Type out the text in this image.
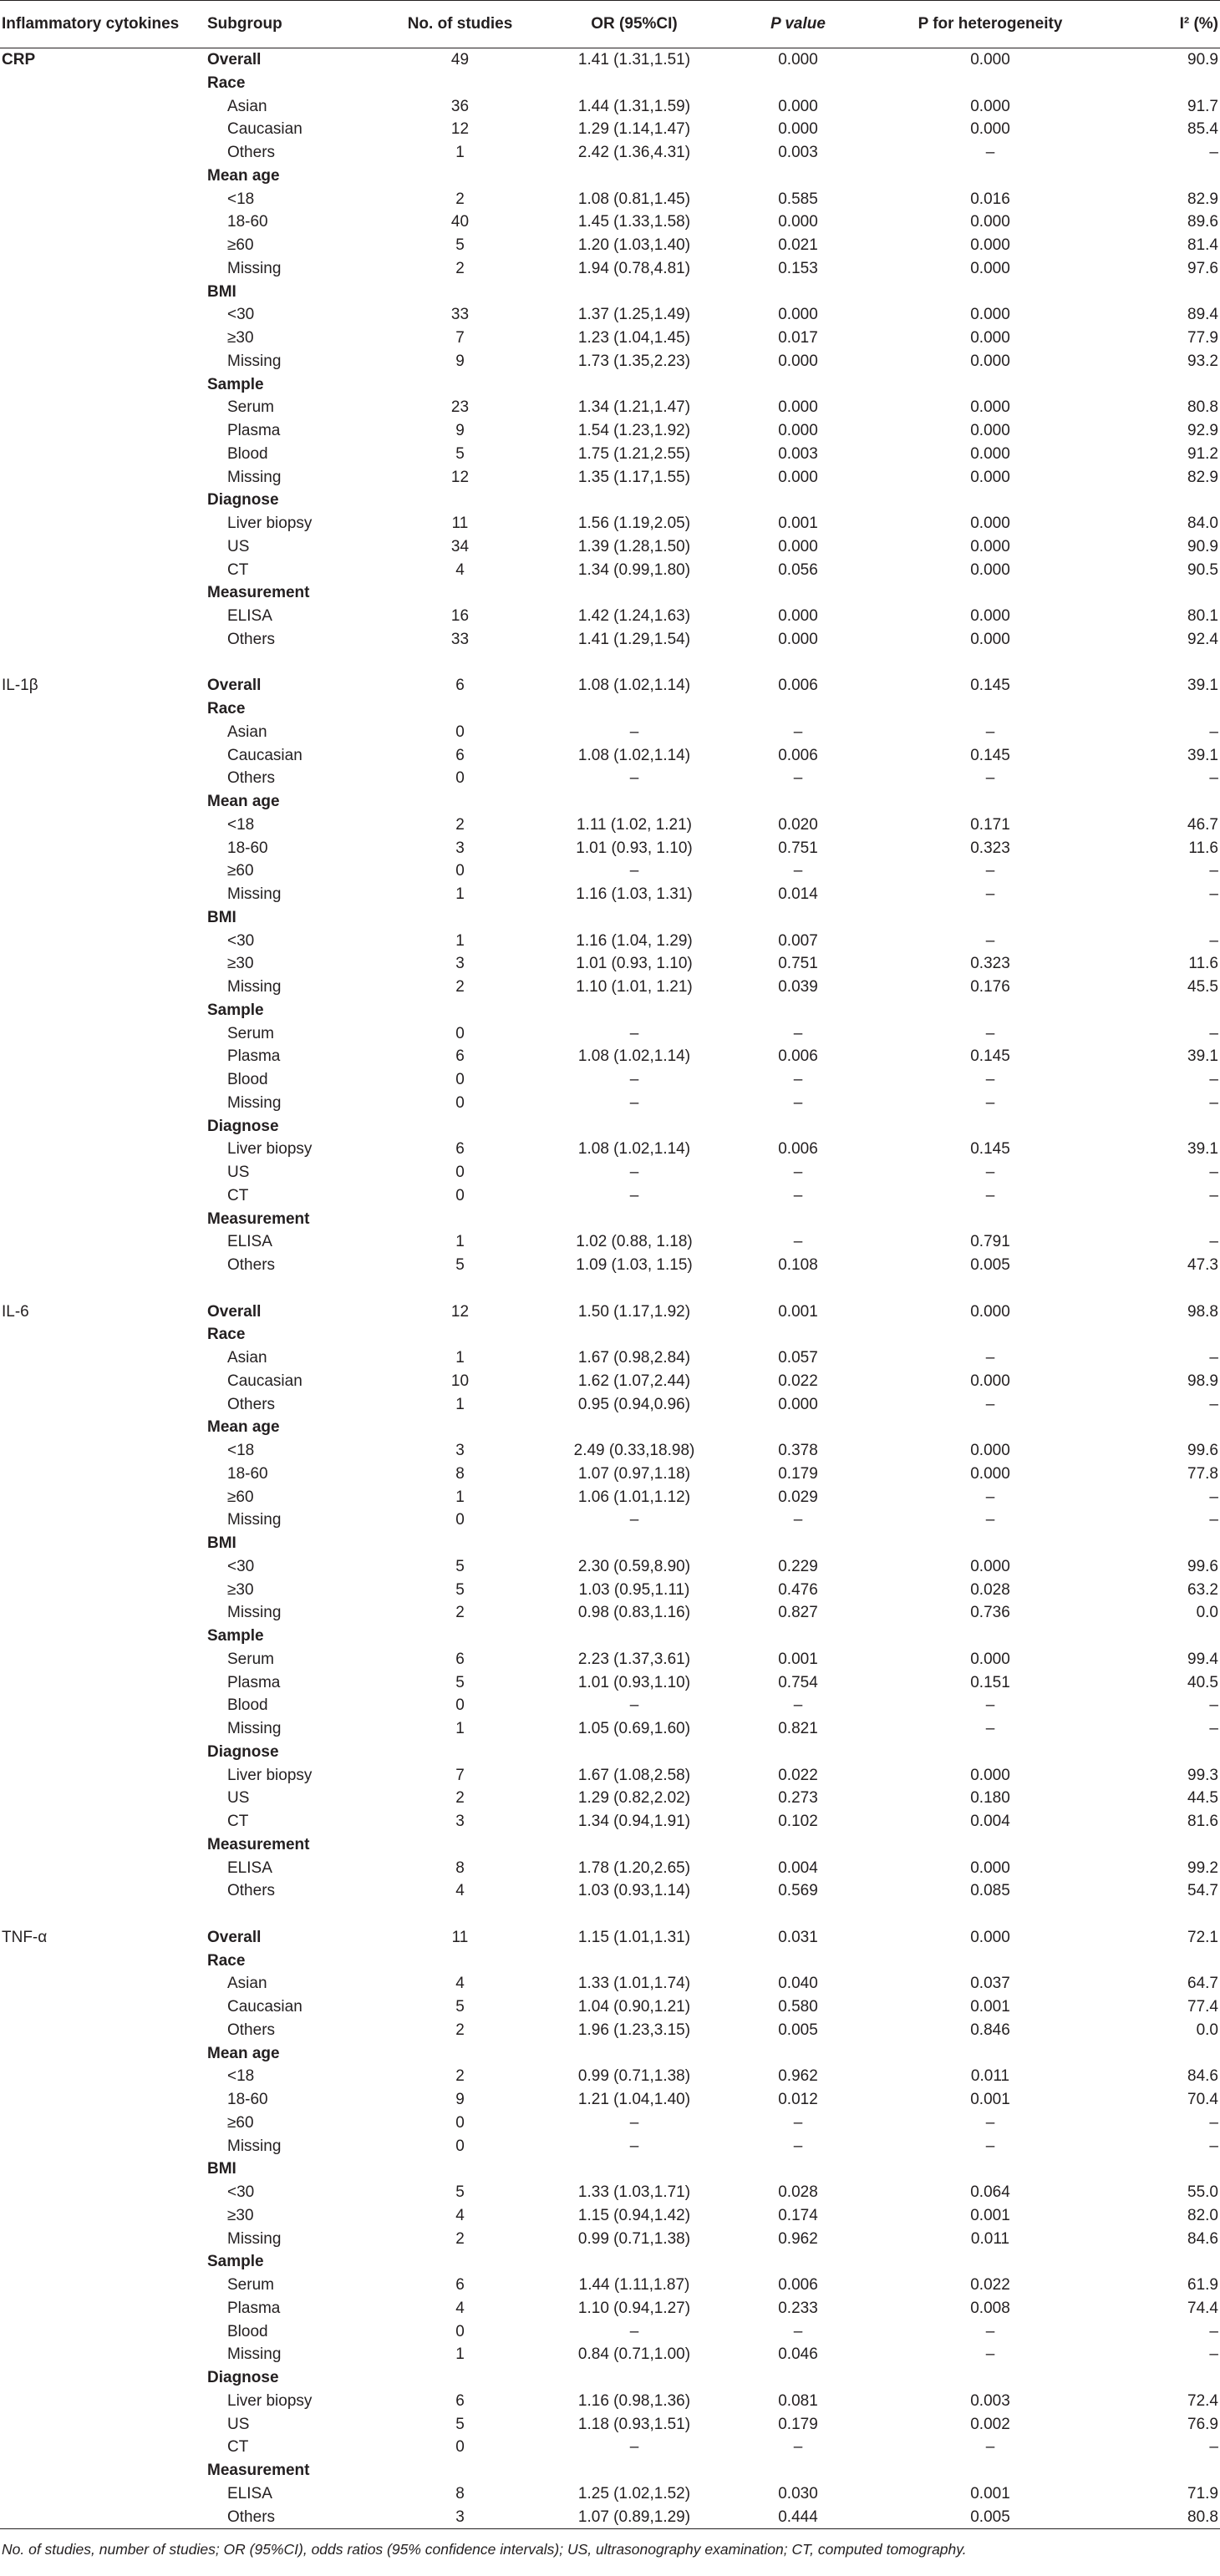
Inflammatory cytokines	Subgroup	No. of studies	OR (95%CI)	P value	P for heterogeneity	I² (%)
CRP	Overall	49	1.41 (1.31,1.51)	0.000	0.000	90.9
Race
Asian	36	1.44 (1.31,1.59)	0.000	0.000	91.7
Caucasian	12	1.29 (1.14,1.47)	0.000	0.000	85.4
Others	1	2.42 (1.36,4.31)	0.003	–	–
Mean age
<18	2	1.08 (0.81,1.45)	0.585	0.016	82.9
18-60	40	1.45 (1.33,1.58)	0.000	0.000	89.6
≥60	5	1.20 (1.03,1.40)	0.021	0.000	81.4
Missing	2	1.94 (0.78,4.81)	0.153	0.000	97.6
BMI
<30	33	1.37 (1.25,1.49)	0.000	0.000	89.4
≥30	7	1.23 (1.04,1.45)	0.017	0.000	77.9
Missing	9	1.73 (1.35,2.23)	0.000	0.000	93.2
Sample
Serum	23	1.34 (1.21,1.47)	0.000	0.000	80.8
Plasma	9	1.54 (1.23,1.92)	0.000	0.000	92.9
Blood	5	1.75 (1.21,2.55)	0.003	0.000	91.2
Missing	12	1.35 (1.17,1.55)	0.000	0.000	82.9
Diagnose
Liver biopsy	11	1.56 (1.19,2.05)	0.001	0.000	84.0
US	34	1.39 (1.28,1.50)	0.000	0.000	90.9
CT	4	1.34 (0.99,1.80)	0.056	0.000	90.5
Measurement
ELISA	16	1.42 (1.24,1.63)	0.000	0.000	80.1
Others	33	1.41 (1.29,1.54)	0.000	0.000	92.4
IL-1β	Overall	6	1.08 (1.02,1.14)	0.006	0.145	39.1
Race
Asian	0	–	–	–	–
Caucasian	6	1.08 (1.02,1.14)	0.006	0.145	39.1
Others	0	–	–	–	–
Mean age
<18	2	1.11 (1.02, 1.21)	0.020	0.171	46.7
18-60	3	1.01 (0.93, 1.10)	0.751	0.323	11.6
≥60	0	–	–	–	–
Missing	1	1.16 (1.03, 1.31)	0.014	–	–
BMI
<30	1	1.16 (1.04, 1.29)	0.007	–	–
≥30	3	1.01 (0.93, 1.10)	0.751	0.323	11.6
Missing	2	1.10 (1.01, 1.21)	0.039	0.176	45.5
Sample
Serum	0	–	–	–	–
Plasma	6	1.08 (1.02,1.14)	0.006	0.145	39.1
Blood	0	–	–	–	–
Missing	0	–	–	–	–
Diagnose
Liver biopsy	6	1.08 (1.02,1.14)	0.006	0.145	39.1
US	0	–	–	–	–
CT	0	–	–	–	–
Measurement
ELISA	1	1.02 (0.88, 1.18)	–	0.791	–
Others	5	1.09 (1.03, 1.15)	0.108	0.005	47.3
IL-6	Overall	12	1.50 (1.17,1.92)	0.001	0.000	98.8
Race
Asian	1	1.67 (0.98,2.84)	0.057	–	–
Caucasian	10	1.62 (1.07,2.44)	0.022	0.000	98.9
Others	1	0.95 (0.94,0.96)	0.000	–	–
Mean age
<18	3	2.49 (0.33,18.98)	0.378	0.000	99.6
18-60	8	1.07 (0.97,1.18)	0.179	0.000	77.8
≥60	1	1.06 (1.01,1.12)	0.029	–	–
Missing	0	–	–	–	–
BMI
<30	5	2.30 (0.59,8.90)	0.229	0.000	99.6
≥30	5	1.03 (0.95,1.11)	0.476	0.028	63.2
Missing	2	0.98 (0.83,1.16)	0.827	0.736	0.0
Sample
Serum	6	2.23 (1.37,3.61)	0.001	0.000	99.4
Plasma	5	1.01 (0.93,1.10)	0.754	0.151	40.5
Blood	0	–	–	–	–
Missing	1	1.05 (0.69,1.60)	0.821	–	–
Diagnose
Liver biopsy	7	1.67 (1.08,2.58)	0.022	0.000	99.3
US	2	1.29 (0.82,2.02)	0.273	0.180	44.5
CT	3	1.34 (0.94,1.91)	0.102	0.004	81.6
Measurement
ELISA	8	1.78 (1.20,2.65)	0.004	0.000	99.2
Others	4	1.03 (0.93,1.14)	0.569	0.085	54.7
TNF-α	Overall	11	1.15 (1.01,1.31)	0.031	0.000	72.1
Race
Asian	4	1.33 (1.01,1.74)	0.040	0.037	64.7
Caucasian	5	1.04 (0.90,1.21)	0.580	0.001	77.4
Others	2	1.96 (1.23,3.15)	0.005	0.846	0.0
Mean age
<18	2	0.99 (0.71,1.38)	0.962	0.011	84.6
18-60	9	1.21 (1.04,1.40)	0.012	0.001	70.4
≥60	0	–	–	–	–
Missing	0	–	–	–	–
BMI
<30	5	1.33 (1.03,1.71)	0.028	0.064	55.0
≥30	4	1.15 (0.94,1.42)	0.174	0.001	82.0
Missing	2	0.99 (0.71,1.38)	0.962	0.011	84.6
Sample
Serum	6	1.44 (1.11,1.87)	0.006	0.022	61.9
Plasma	4	1.10 (0.94,1.27)	0.233	0.008	74.4
Blood	0	–	–	–	–
Missing	1	0.84 (0.71,1.00)	0.046	–	–
Diagnose
Liver biopsy	6	1.16 (0.98,1.36)	0.081	0.003	72.4
US	5	1.18 (0.93,1.51)	0.179	0.002	76.9
CT	0	–	–	–	–
Measurement
ELISA	8	1.25 (1.02,1.52)	0.030	0.001	71.9
Others	3	1.07 (0.89,1.29)	0.444	0.005	80.8
No. of studies, number of studies; OR (95%CI), odds ratios (95% confidence intervals); US, ultrasonography examination; CT, computed tomography.
